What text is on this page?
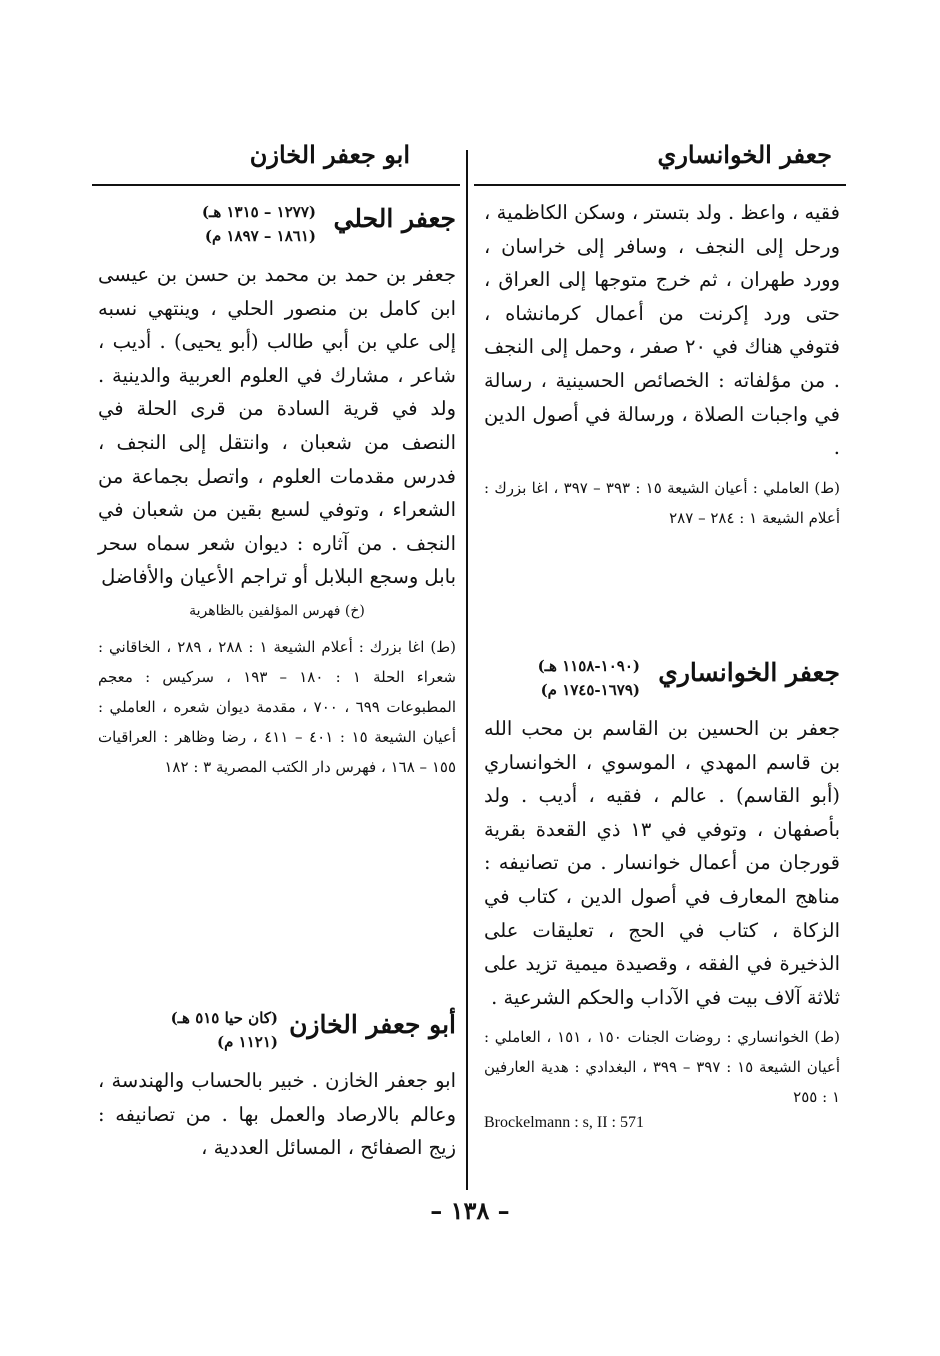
جعفر الخوانساري
ابو جعفر الخازن
فقيه ، واعظ . ولد بتستر ، وسكن الكاظمية ، ورحل إلى النجف ، وسافر إلى خراسان ، وورد طهران ، ثم خرج متوجها إلى العراق ، حتى ورد إكرنت من أعمال كرمانشاه ، فتوفي هناك في ٢٠ صفر ، وحمل إلى النجف . من مؤلفاته : الخصائص الحسينية ، رسالة في واجبات الصلاة ، ورسالة في أصول الدين .
(ط) العاملي : أعيان الشيعة ١٥ : ٣٩٣ – ٣٩٧ ، اغا بزرك : أعلام الشيعة ١ : ٢٨٤ – ٢٨٧
جعفر الخوانساري
(١٠٩٠-١١٥٨ هـ)
(١٦٧٩-١٧٤٥ م)
جعفر بن الحسين بن القاسم بن محب الله بن قاسم المهدي ، الموسوي ، الخوانساري (أبو القاسم) . عالم ، فقيه ، أديب . ولد بأصفهان ، وتوفي في ١٣ ذي القعدة بقرية قورجان من أعمال خوانسار . من تصانيفه : مناهج المعارف في أصول الدين ، كتاب في الزكاة ، كتاب في الحج ، تعليقات على الذخيرة في الفقه ، وقصيدة ميمية تزيد على ثلاثة آلاف بيت في الآداب والحكم الشرعية .
(ط) الخوانساري : روضات الجنات ١٥٠ ، ١٥١ ، العاملي : أعيان الشيعة ١٥ : ٣٩٧ – ٣٩٩ ، البغدادي : هدية العارفين ١ : ٢٥٥
Brockelmann : s, II : 571
جعفر الحلي
(١٢٧٧ – ١٣١٥ هـ)
(١٨٦١ – ١٨٩٧ م)
جعفر بن حمد بن محمد بن حسن بن عيسى ابن كامل بن منصور الحلي ، وينتهي نسبه إلى علي بن أبي طالب (أبو يحيى) . أديب ، شاعر ، مشارك في العلوم العربية والدينية . ولد في قرية السادة من قرى الحلة في النصف من شعبان ، وانتقل إلى النجف ، فدرس مقدمات العلوم ، واتصل بجماعة من الشعراء ، وتوفي لسبع بقين من شعبان في النجف . من آثاره : ديوان شعر سماه سحر بابل وسجع البلابل أو تراجم الأعيان والأفاضل
(خ) فهرس المؤلفين بالظاهرية
(ط) اغا بزرك : أعلام الشيعة ١ : ٢٨٨ ، ٢٨٩ ، الخاقاني : شعراء الحلة ١ : ١٨٠ – ١٩٣ ، سركيس : معجم المطبوعات ٦٩٩ ، ٧٠٠ ، مقدمة ديوان شعره ، العاملي : أعيان الشيعة ١٥ : ٤٠١ – ٤١١ ، رضا وظاهر : العراقيات ١٥٥ – ١٦٨ ، فهرس دار الكتب المصرية ٣ : ١٨٢
أبو جعفر الخازن
(كان حيا ٥١٥ هـ)
(١١٢١ م)
ابو جعفر الخازن . خبير بالحساب والهندسة ، وعالم بالارصاد والعمل بها . من تصانيفه : زيج الصفائح ، المسائل العددية ،
– ١٣٨ –
